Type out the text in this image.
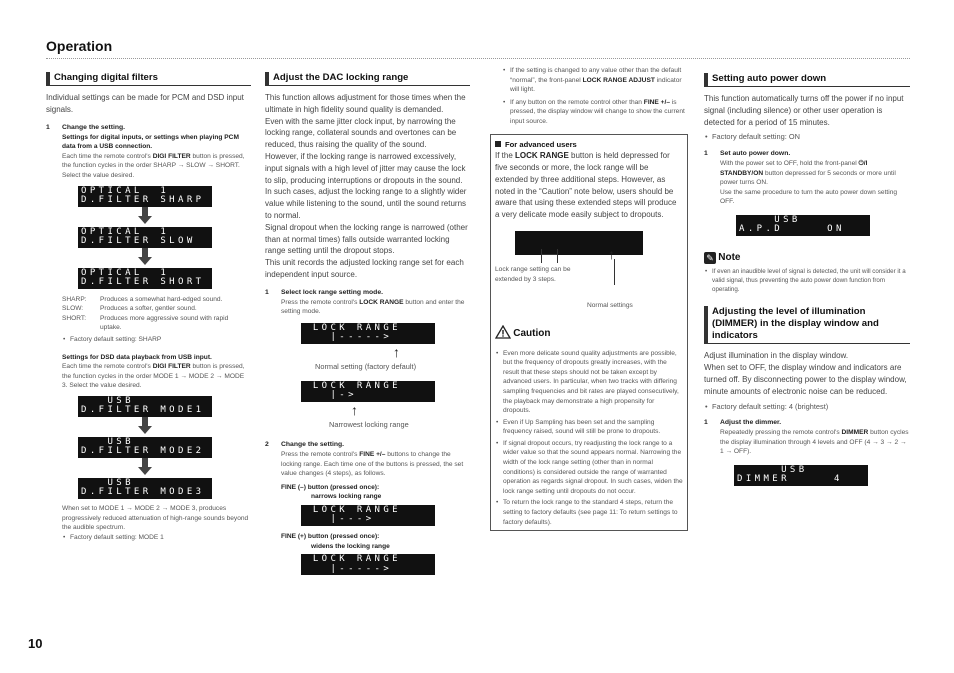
Operation
10
Changing digital filters
Individual settings can be made for PCM and DSD input signals.
1 Change the setting.
Settings for digital inputs, or settings when playing PCM data from a USB connection.
Each time the remote control's DIGI FILTER button is pressed, the function cycles in the order SHARP → SLOW → SHORT. Select the value desired.
OPTICAL  1
D.FILTER SHARP
OPTICAL  1
D.FILTER SLOW
OPTICAL  1
D.FILTER SHORT
SHARP:	Produces a somewhat hard-edged sound.
SLOW:	Produces a softer, gentler sound.
SHORT:	Produces more aggressive sound with rapid uptake.
• Factory default setting: SHARP
Settings for DSD data playback from USB input.
Each time the remote control's DIGI FILTER button is pressed, the function cycles in the order MODE 1 → MODE 2 → MODE 3. Select the value desired.
USB
D.FILTER MODE1
USB
D.FILTER MODE2
USB
D.FILTER MODE3
When set to MODE 1 → MODE 2 → MODE 3, produces progressively reduced attenuation of high-range sounds beyond the audible spectrum.
• Factory default setting: MODE 1
Adjust the DAC locking range
This function allows adjustment for those times when the ultimate in high fidelity sound quality is demanded.
Even with the same jitter clock input, by narrowing the locking range, collateral sounds and overtones can be reduced, thus raising the quality of the sound.
However, if the locking range is narrowed excessively, input signals with a high level of jitter may cause the lock to slip, producing interruptions or dropouts in the sound. In such cases, adjust the locking range to a slightly wider value while listening to the sound, until the sound returns to normal.
Signal dropout when the locking range is narrowed (other than at normal times) falls outside warranted locking range setting until the dropout stops.
This unit records the adjusted locking range set for each independent input source.
1 Select lock range setting mode.
Press the remote control's LOCK RANGE button and enter the setting mode.
LOCK RANGE
|----->
↑
Normal setting (factory default)
LOCK RANGE
|->
↑
Narrowest locking range
2 Change the setting.
Press the remote control's FINE +/– buttons to change the locking range. Each time one of the buttons is pressed, the set value changes (4 steps), as follows.
FINE (–) button (pressed once):
narrows locking range
LOCK RANGE
|--->
FINE (+) button (pressed once):
widens the locking range
LOCK RANGE
|----->
• If the setting is changed to any value other than the default “normal”, the front-panel LOCK RANGE ADJUST indicator will light.
• If any button on the remote control other than FINE +/– is pressed, the display window will change to show the current input source.
For advanced users
If the LOCK RANGE button is held depressed for five seconds or more, the lock range will be extended by three additional steps. However, as noted in the “Caution” note below, users should be aware that using these extended steps will produce a very delicate mode easily subject to dropouts.
↑
Lock range setting can be extended by 3 steps.
Normal settings
Caution
• Even more delicate sound quality adjustments are possible, but the frequency of dropouts greatly increases, with the result that these steps should not be taken except by advanced users. In particular, when two tracks with differing sampling frequencies and bit rates are played consecutively, the playback may demonstrate a high propensity for dropouts.
• Even if Up Sampling has been set and the sampling frequency raised, sound will still be prone to dropouts.
• If signal dropout occurs, try readjusting the lock range to a wider value so that the sound appears normal. Narrowing the width of the lock range setting (other than in normal conditions) is considered outside the range of warranted operation as regards signal dropout. In such cases, widen the lock range setting until dropouts do not occur.
• To return the lock range to the standard 4 steps, return the setting to factory defaults (see page 11: To return settings to factory defaults).
Setting auto power down
This function automatically turns off the power if no input signal (including silence) or other user operation is detected for a period of 15 minutes.
• Factory default setting: ON
1 Set auto power down.
With the power set to OFF, hold the front-panel ⏻/I STANDBY/ON button depressed for 5 seconds or more until power turns ON.
Use the same procedure to turn the auto power down setting OFF.
USB
A.P.D     ON
✎ Note
• If even an inaudible level of signal is detected, the unit will consider it a valid signal, thus preventing the auto power down function from operating.
Adjusting the level of illumination (DIMMER) in the display window and indicators
Adjust illumination in the display window.
When set to OFF, the display window and indicators are turned off. By disconnecting power to the display window, minute amounts of electronic noise can be reduced.
• Factory default setting: 4 (brightest)
1 Adjust the dimmer.
Repeatedly pressing the remote control's DIMMER button cycles the display illumination through 4 levels and OFF (4 → 3 → 2 → 1 → OFF).
USB
DIMMER     4
